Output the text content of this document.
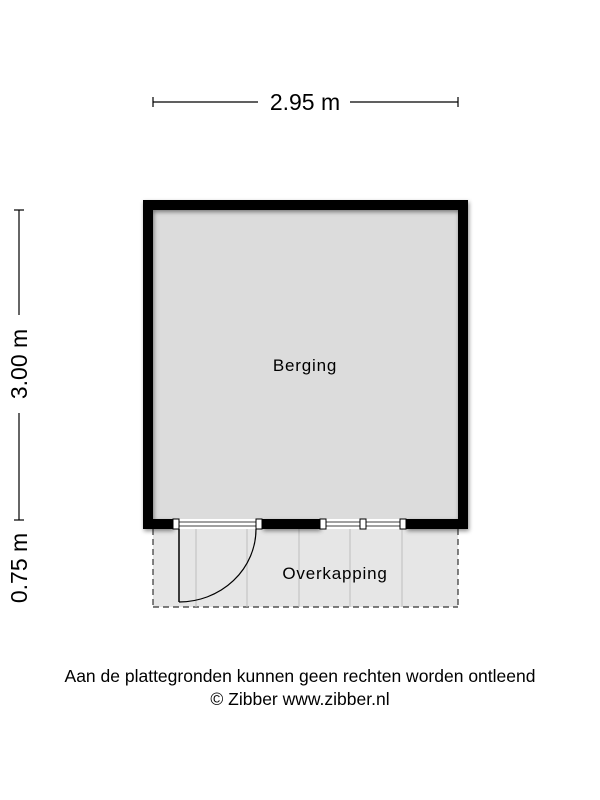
2.95 m
3.00 m
0.75 m	Overkapping
Berging
Aan de plattegronden kunnen geen rechten worden ontleend
© Zibber www.zibber.nl
